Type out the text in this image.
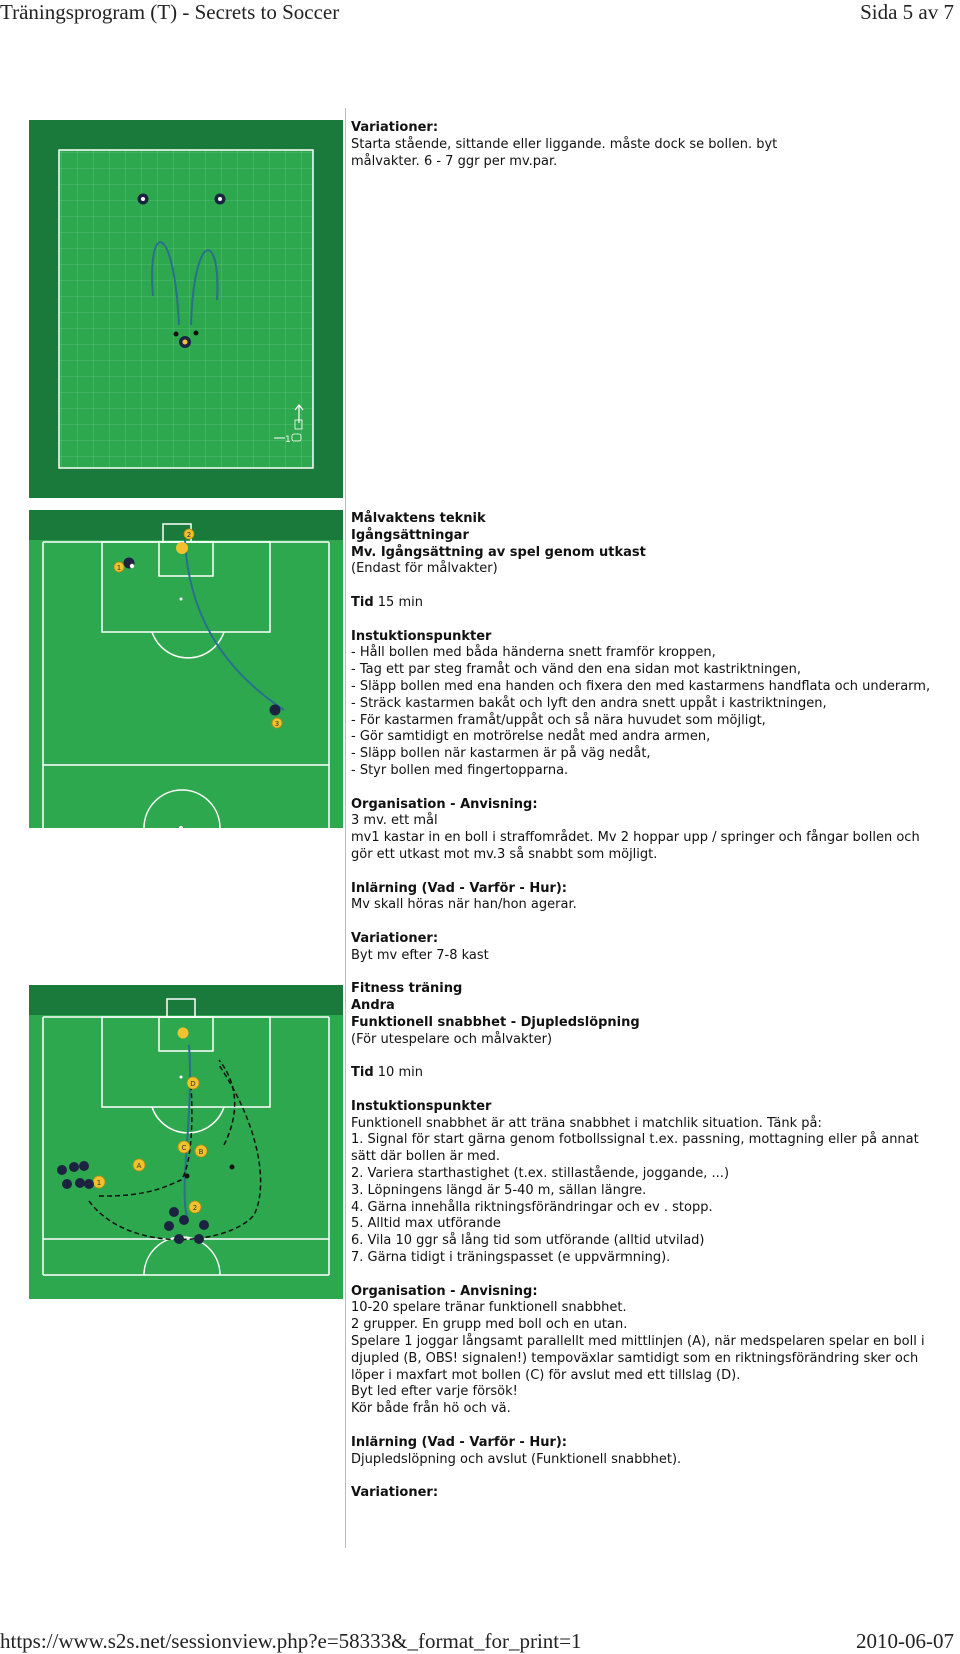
Träningsprogram (T) - Secrets to Soccer	Sida 5 av 7
1
2
1
3
D
C B
A
1
2

Variationer:

Starta stående, sittande eller liggande. måste dock se bollen. byt målvakter. 6 - 7 ggr per mv.par.

Målvaktens teknik

Igångsättningar

Mv. Igångsättning av spel genom utkast

(Endast för målvakter)

Tid 15 min

Instuktionspunkter

- Håll bollen med båda händerna snett framför kroppen,

- Tag ett par steg framåt och vänd den ena sidan mot kastriktningen,

- Släpp bollen med ena handen och fixera den med kastarmens handflata och underarm,

- Sträck kastarmen bakåt och lyft den andra snett uppåt i kastriktningen,

- För kastarmen framåt/uppåt och så nära huvudet som möjligt,

- Gör samtidigt en motrörelse nedåt med andra armen,

- Släpp bollen när kastarmen är på väg nedåt,

- Styr bollen med fingertopparna.

Organisation - Anvisning:

3 mv. ett mål

mv1 kastar in en boll i straffområdet. Mv 2 hoppar upp / springer och fångar bollen och gör ett utkast mot mv.3 så snabbt som möjligt.

Inlärning (Vad - Varför - Hur):

Mv skall höras när han/hon agerar.

Variationer:

Byt mv efter 7-8 kast

Fitness träning

Andra

Funktionell snabbhet - Djupledslöpning

(För utespelare och målvakter)

Tid 10 min

Instuktionspunkter

Funktionell snabbhet är att träna snabbhet i matchlik situation. Tänk på:

1. Signal för start gärna genom fotbollssignal t.ex. passning, mottagning eller på annat sätt där bollen är med.

2. Variera starthastighet (t.ex. stillastående, joggande, ...)

3. Löpningens längd är 5-40 m, sällan längre.

4. Gärna innehålla riktningsförändringar och ev . stopp.

5. Alltid max utförande

6. Vila 10 ggr så lång tid som utförande (alltid utvilad)

7. Gärna tidigt i träningspasset (e uppvärmning).

Organisation - Anvisning:

10-20 spelare tränar funktionell snabbhet.

2 grupper. En grupp med boll och en utan.

Spelare 1 joggar långsamt parallellt med mittlinjen (A), när medspelaren spelar en boll i djupled (B, OBS! signalen!) tempoväxlar samtidigt som en riktningsförändring sker och löper i maxfart mot bollen (C) för avslut med ett tillslag (D).

Byt led efter varje försök!

Kör både från hö och vä.

Inlärning (Vad - Varför - Hur):

Djupledslöpning och avslut (Funktionell snabbhet).

Variationer:

https://www.s2s.net/sessionview.php?e=58333&_format_for_print=1	2010-06-07
